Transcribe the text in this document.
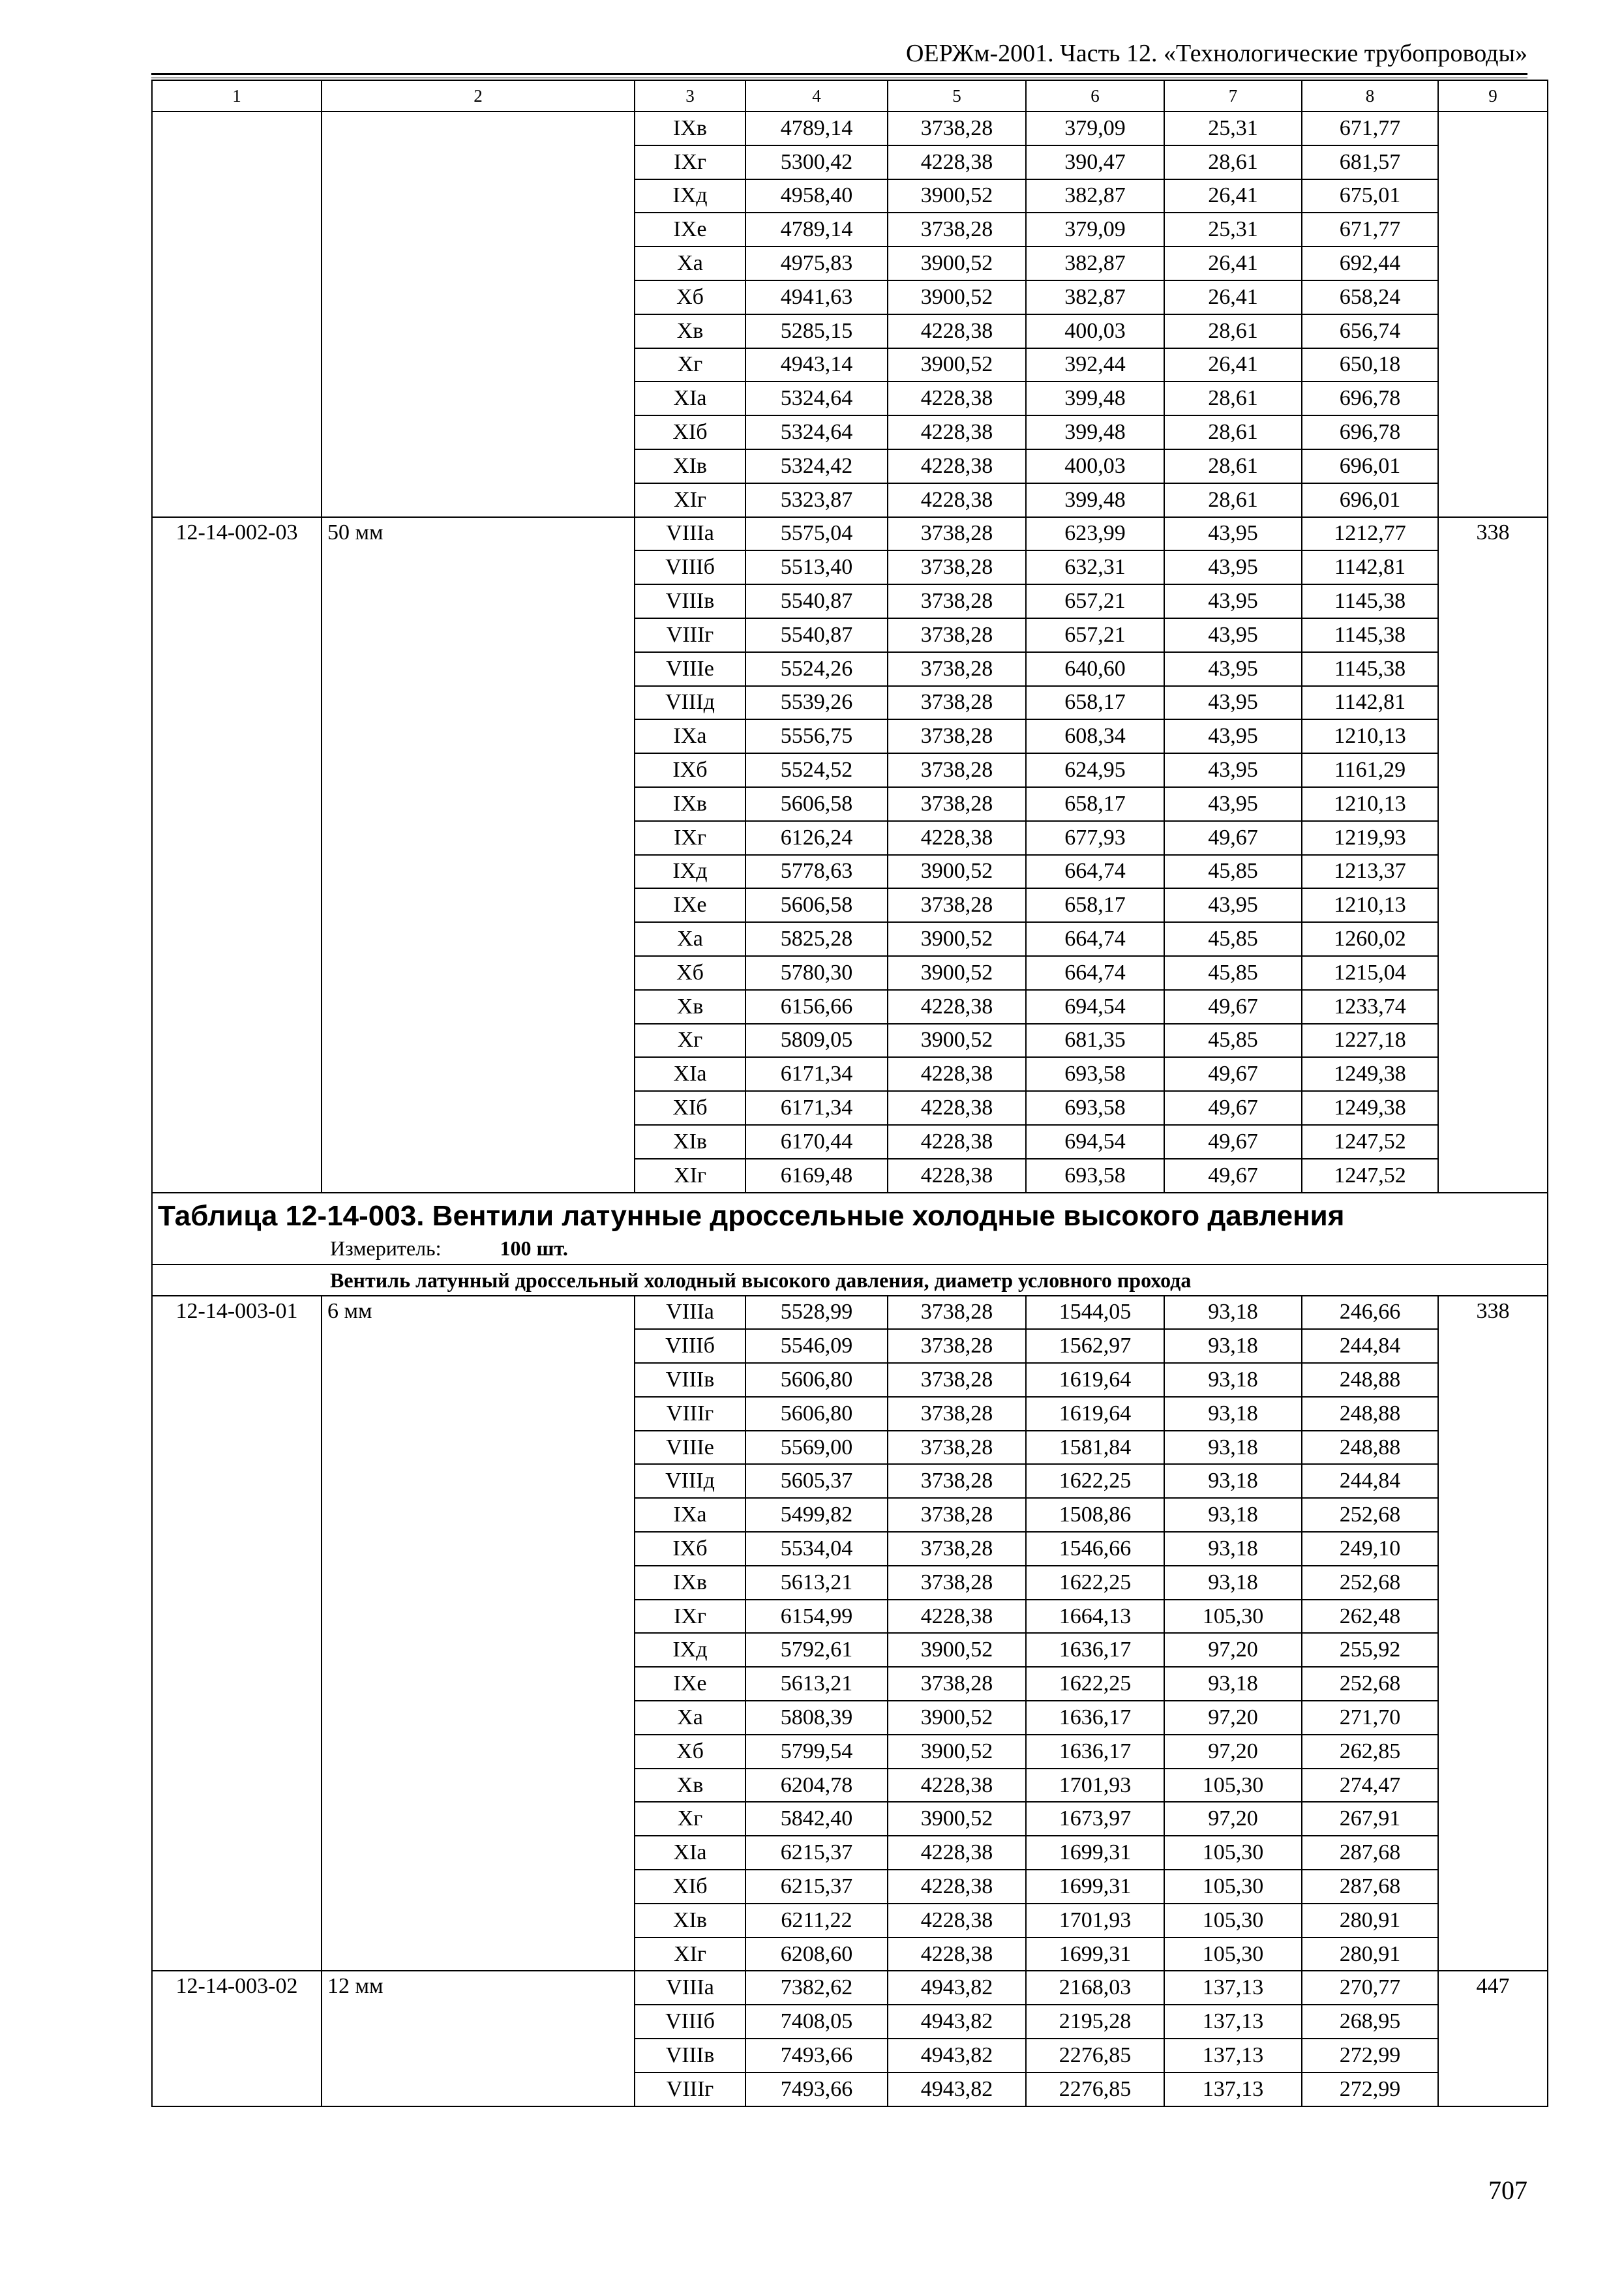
ОЕРЖм-2001. Часть 12. «Технологические трубопроводы»
1	2	3	4	5	6	7	8	9
		IXв	4789,14	3738,28	379,09	25,31	671,77	
		IXг	5300,42	4228,38	390,47	28,61	681,57	
		IXд	4958,40	3900,52	382,87	26,41	675,01	
		IXе	4789,14	3738,28	379,09	25,31	671,77	
		Xа	4975,83	3900,52	382,87	26,41	692,44	
		Xб	4941,63	3900,52	382,87	26,41	658,24	
		Xв	5285,15	4228,38	400,03	28,61	656,74	
		Xг	4943,14	3900,52	392,44	26,41	650,18	
		XIа	5324,64	4228,38	399,48	28,61	696,78	
		XIб	5324,64	4228,38	399,48	28,61	696,78	
		XIв	5324,42	4228,38	400,03	28,61	696,01	
		XIг	5323,87	4228,38	399,48	28,61	696,01	
12-14-002-03	50 мм	VIIIа	5575,04	3738,28	623,99	43,95	1212,77	338
		VIIIб	5513,40	3738,28	632,31	43,95	1142,81	
		VIIIв	5540,87	3738,28	657,21	43,95	1145,38	
		VIIIг	5540,87	3738,28	657,21	43,95	1145,38	
		VIIIе	5524,26	3738,28	640,60	43,95	1145,38	
		VIIIд	5539,26	3738,28	658,17	43,95	1142,81	
		IXа	5556,75	3738,28	608,34	43,95	1210,13	
		IXб	5524,52	3738,28	624,95	43,95	1161,29	
		IXв	5606,58	3738,28	658,17	43,95	1210,13	
		IXг	6126,24	4228,38	677,93	49,67	1219,93	
		IXд	5778,63	3900,52	664,74	45,85	1213,37	
		IXе	5606,58	3738,28	658,17	43,95	1210,13	
		Xа	5825,28	3900,52	664,74	45,85	1260,02	
		Xб	5780,30	3900,52	664,74	45,85	1215,04	
		Xв	6156,66	4228,38	694,54	49,67	1233,74	
		Xг	5809,05	3900,52	681,35	45,85	1227,18	
		XIа	6171,34	4228,38	693,58	49,67	1249,38	
		XIб	6171,34	4228,38	693,58	49,67	1249,38	
		XIв	6170,44	4228,38	694,54	49,67	1247,52	
		XIг	6169,48	4228,38	693,58	49,67	1247,52	

Таблица 12-14-003. Вентили латунные дроссельные холодные высокого давления
Измеритель: 100 шт.								

Вентиль латунный дроссельный холодный высокого давления, диаметр условного прохода								
12-14-003-01	6 мм	VIIIа	5528,99	3738,28	1544,05	93,18	246,66	338
		VIIIб	5546,09	3738,28	1562,97	93,18	244,84	
		VIIIв	5606,80	3738,28	1619,64	93,18	248,88	
		VIIIг	5606,80	3738,28	1619,64	93,18	248,88	
		VIIIе	5569,00	3738,28	1581,84	93,18	248,88	
		VIIIд	5605,37	3738,28	1622,25	93,18	244,84	
		IXа	5499,82	3738,28	1508,86	93,18	252,68	
		IXб	5534,04	3738,28	1546,66	93,18	249,10	
		IXв	5613,21	3738,28	1622,25	93,18	252,68	
		IXг	6154,99	4228,38	1664,13	105,30	262,48	
		IXд	5792,61	3900,52	1636,17	97,20	255,92	
		IXе	5613,21	3738,28	1622,25	93,18	252,68	
		Xа	5808,39	3900,52	1636,17	97,20	271,70	
		Xб	5799,54	3900,52	1636,17	97,20	262,85	
		Xв	6204,78	4228,38	1701,93	105,30	274,47	
		Xг	5842,40	3900,52	1673,97	97,20	267,91	
		XIа	6215,37	4228,38	1699,31	105,30	287,68	
		XIб	6215,37	4228,38	1699,31	105,30	287,68	
		XIв	6211,22	4228,38	1701,93	105,30	280,91	
		XIг	6208,60	4228,38	1699,31	105,30	280,91	
12-14-003-02	12 мм	VIIIа	7382,62	4943,82	2168,03	137,13	270,77	447
		VIIIб	7408,05	4943,82	2195,28	137,13	268,95	
		VIIIв	7493,66	4943,82	2276,85	137,13	272,99	
		VIIIг	7493,66	4943,82	2276,85	137,13	272,99	
707
